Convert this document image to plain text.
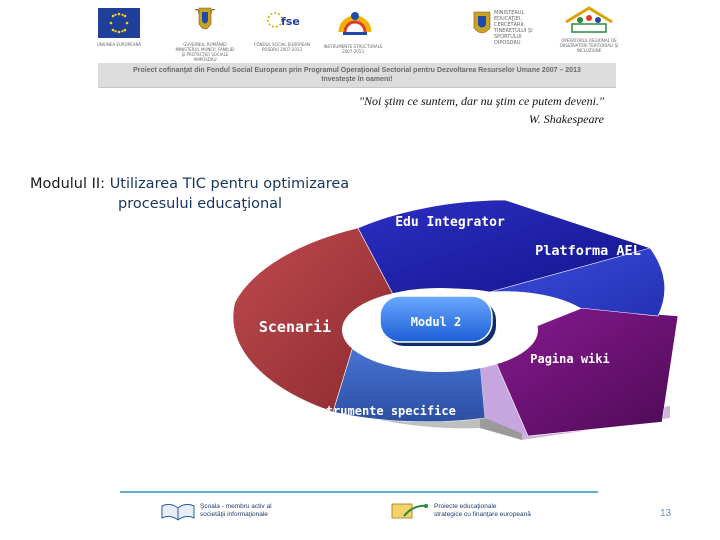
UNIUNEA EUROPEANĂ	GUVERNUL ROMÂNIEI MINISTERUL MUNCII, FAMILIEI ŞI PROTECŢIEI SOCIALE AMPOSDRU
fse
FONDUL SOCIAL EUROPEAN POSDRU 2007-2013
INSTRUMENTE STRUCTURALE 2007-2013
MINISTERUL EDUCAŢIEI, CERCETĂRII, TINERETULUI ŞI SPORTULUI OIPOSDRU	OPERATORUL REGIONAL DE OBSERVATORI TERITORIALI ŞI INCLUZIUNE
Proiect cofinanţat din Fondul Social European prin Programul Operaţional Sectorial pentru Dezvoltarea Resurselor Umane 2007 – 2013
Investeşte în oameni!
"Noi ştim ce suntem, dar nu ştim ce putem deveni."
W. Shakespeare
Modulul II: Utilizarea TIC pentru optimizarea
procesului educaţional
Modul 2
Edu Integrator
Platforma AEL
Pagina wiki
Instrumente specifice
elearning
Scenarii
Şcoala - membru activ al
societăţii informaţionale
Proiecte educaţionale
strategice cu finanţare europeană	13
